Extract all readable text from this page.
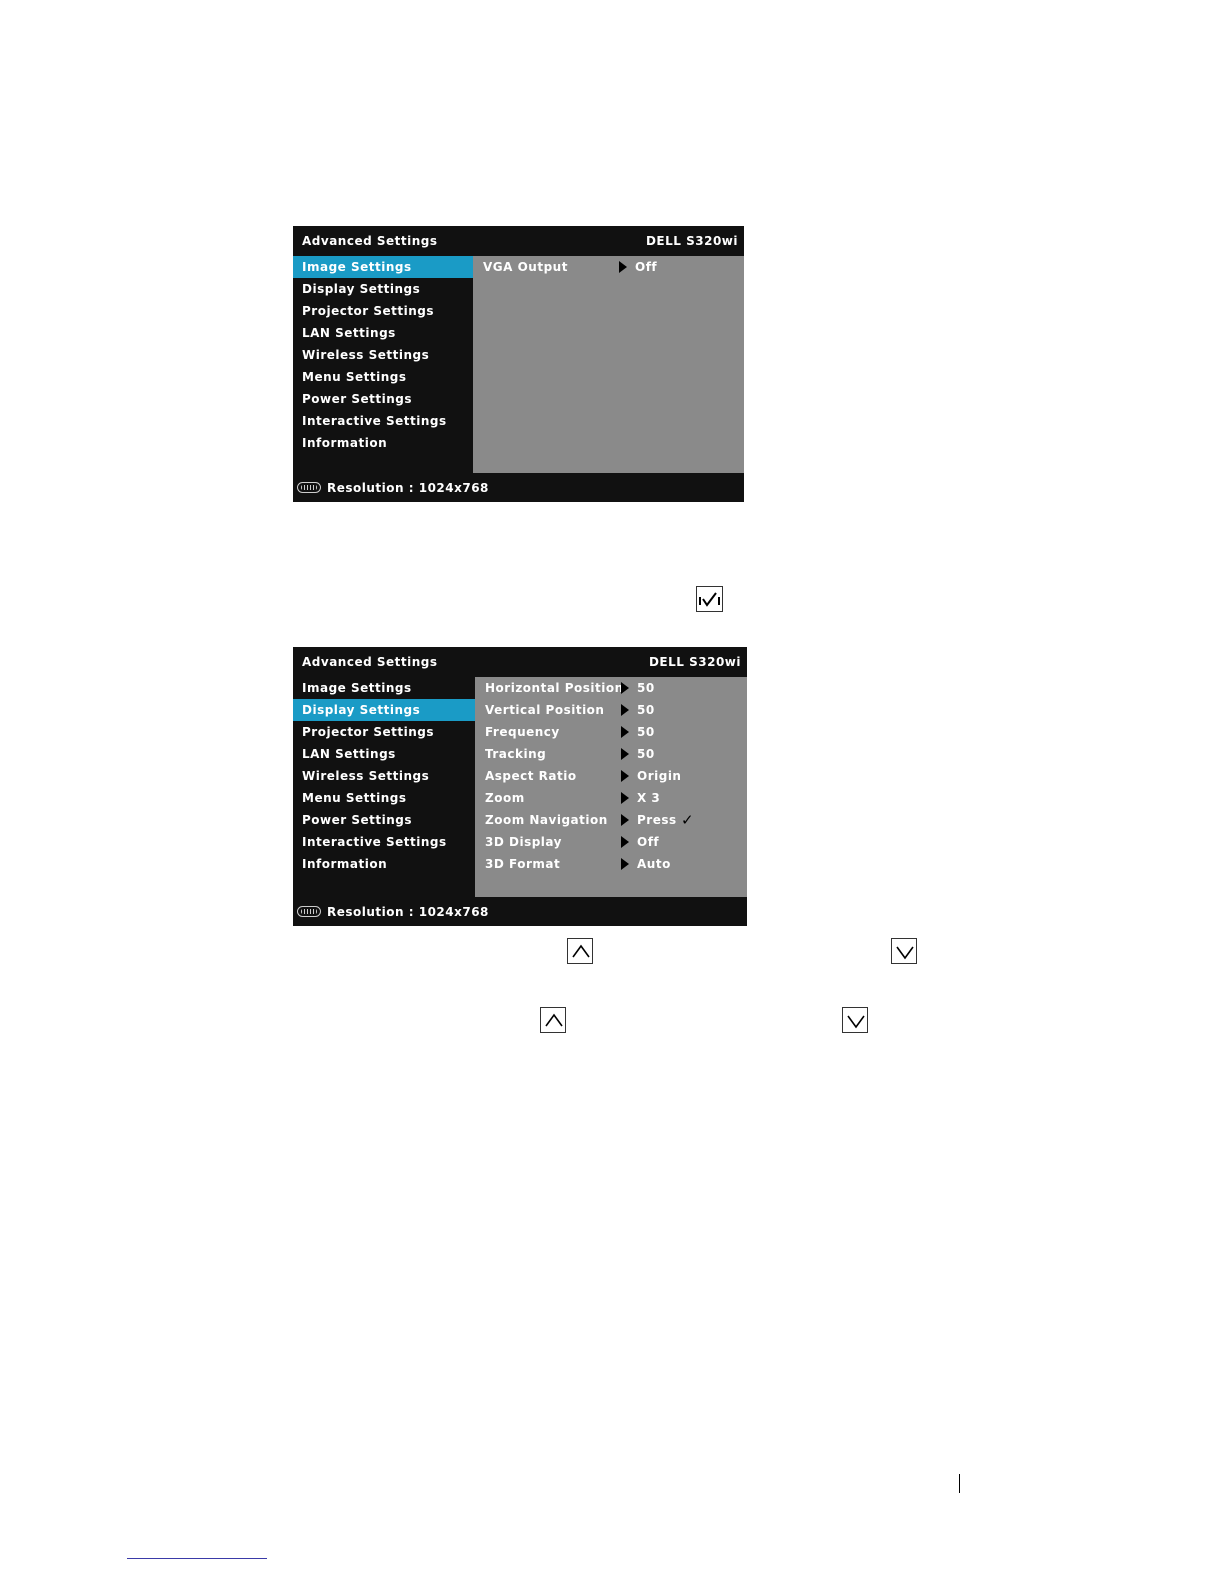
Advanced Settings	DELL S320wi
Image Settings
Display Settings
Projector Settings
LAN Settings
Wireless Settings
Menu Settings
Power Settings
Interactive Settings
Information
VGA Output	Off
Resolution : 1024x768
Advanced Settings	DELL S320wi
Image Settings
Display Settings
Projector Settings
LAN Settings
Wireless Settings
Menu Settings
Power Settings
Interactive Settings
Information
Horizontal Position 50
Vertical Position	50
Frequency	50
Tracking	50
Aspect Ratio	Origin
Zoom	X 3
Zoom Navigation Press ✓
3D Display	Off
3D Format	Auto
Resolution : 1024x768
